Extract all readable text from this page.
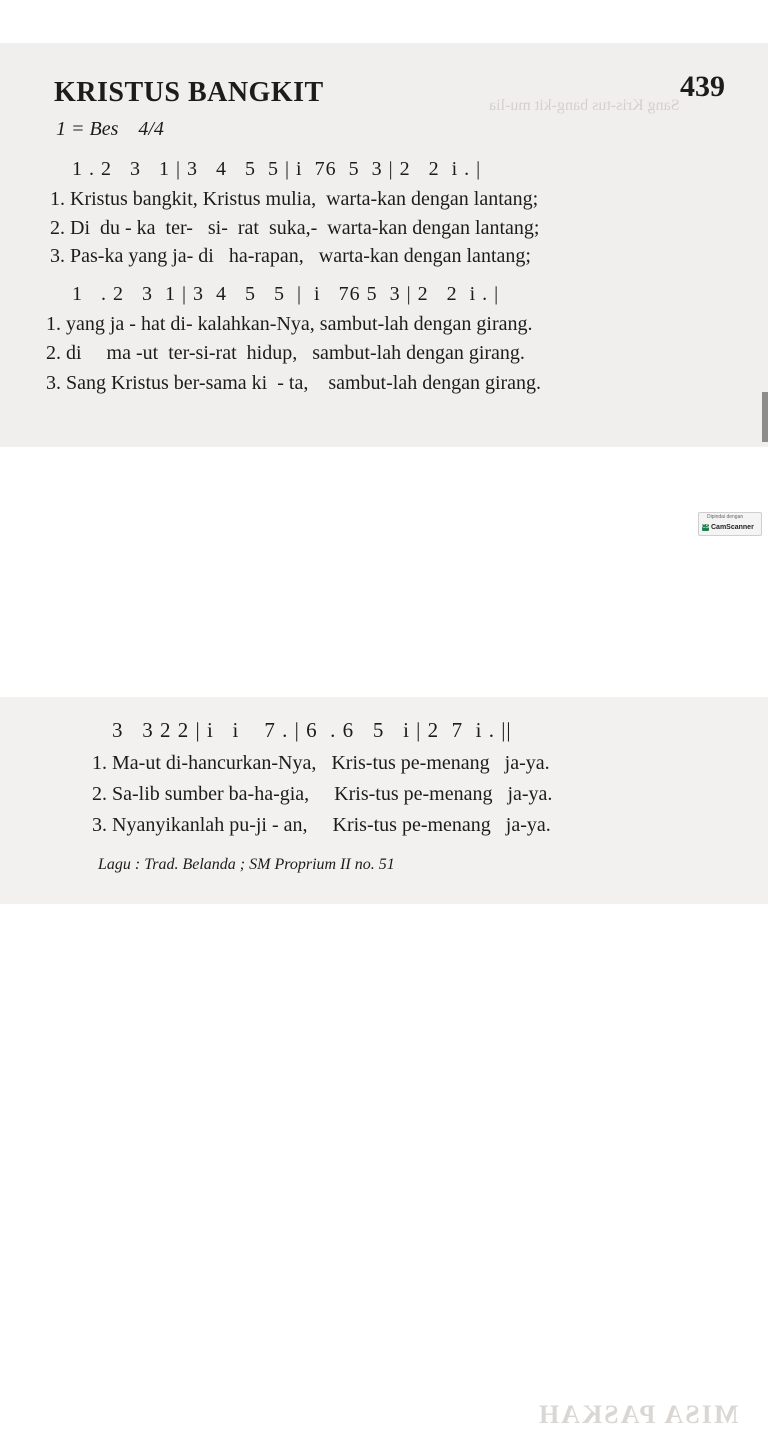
Sang Kris-tus bang-kit mu-lia
KRISTUS BANGKIT	439
1 = Bes    4/4
1 . 2   3   1 | 3   4   5  5 | i  76  5  3 | 2   2  i . |
1. Kristus bangkit, Kristus mulia,  warta-kan dengan lantang;
2. Di  du - ka  ter-   si-  rat  suka,-  warta-kan dengan lantang;
3. Pas-ka yang ja- di   ha-rapan,   warta-kan dengan lantang;
1   . 2   3  1 | 3  4   5   5  |  i   76 5  3 | 2   2  i . |
1. yang ja - hat di- kalahkan-Nya, sambut-lah dengan girang.
2. di     ma -ut  ter-si-rat  hidup,   sambut-lah dengan girang.
3. Sang Kristus ber-sama ki  - ta,    sambut-lah dengan girang.
Dipindai dengan
CS CamScanner
MISA PASKAH
3   3 2 2 | i   i    7 . | 6  . 6   5   i | 2  7  i . ||
1. Ma-ut di-hancurkan-Nya,   Kris-tus pe-menang   ja-ya.
2. Sa-lib sumber ba-ha-gia,     Kris-tus pe-menang   ja-ya.
3. Nyanyikanlah pu-ji - an,     Kris-tus pe-menang   ja-ya.
Lagu : Trad. Belanda ; SM Proprium II no. 51
